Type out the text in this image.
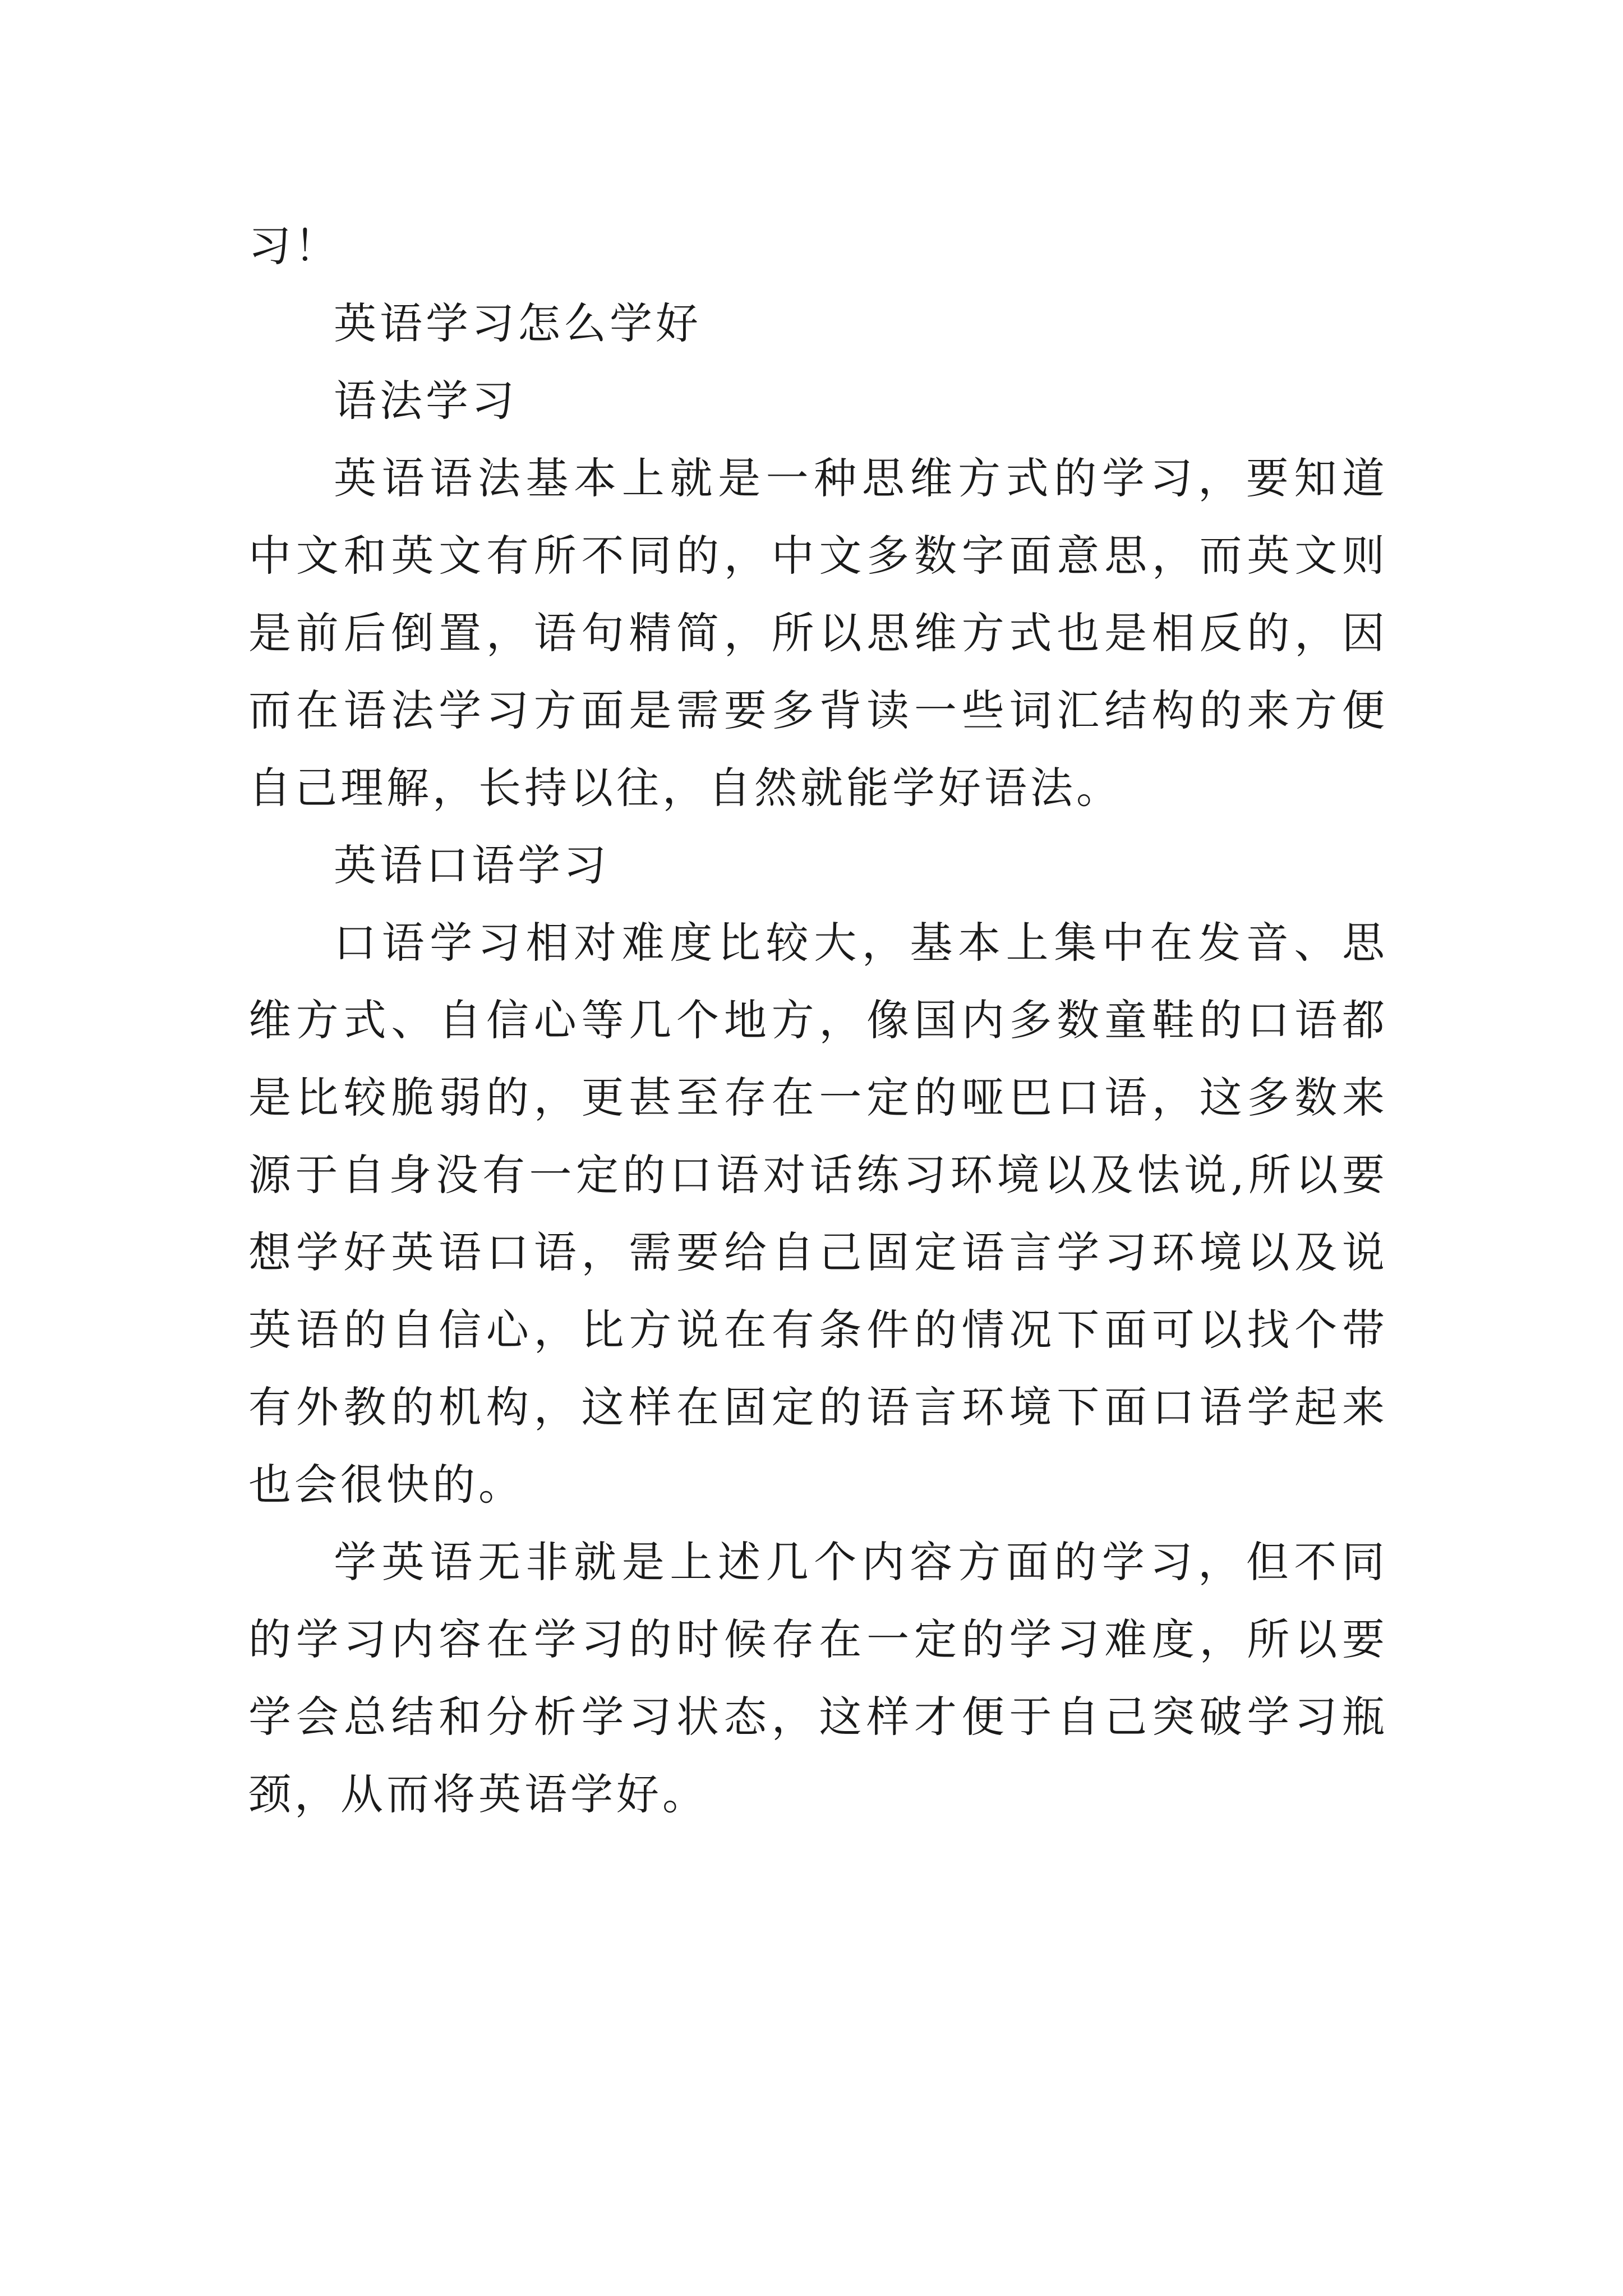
习！

英语学习怎么学好

语法学习

英语语法基本上就是一种思维方式的学习，要知道中文和英文有所不同的，中文多数字面意思，而英文则是前后倒置，语句精简，所以思维方式也是相反的，因而在语法学习方面是需要多背读一些词汇结构的来方便自己理解，长持以往，自然就能学好语法。

英语口语学习

口语学习相对难度比较大，基本上集中在发音、思维方式、自信心等几个地方，像国内多数童鞋的口语都是比较脆弱的，更甚至存在一定的哑巴口语，这多数来源于自身没有一定的口语对话练习环境以及怯说,所以要想学好英语口语，需要给自己固定语言学习环境以及说英语的自信心，比方说在有条件的情况下面可以找个带有外教的机构，这样在固定的语言环境下面口语学起来也会很快的。

学英语无非就是上述几个内容方面的学习，但不同的学习内容在学习的时候存在一定的学习难度，所以要学会总结和分析学习状态，这样才便于自己突破学习瓶颈，从而将英语学好。
